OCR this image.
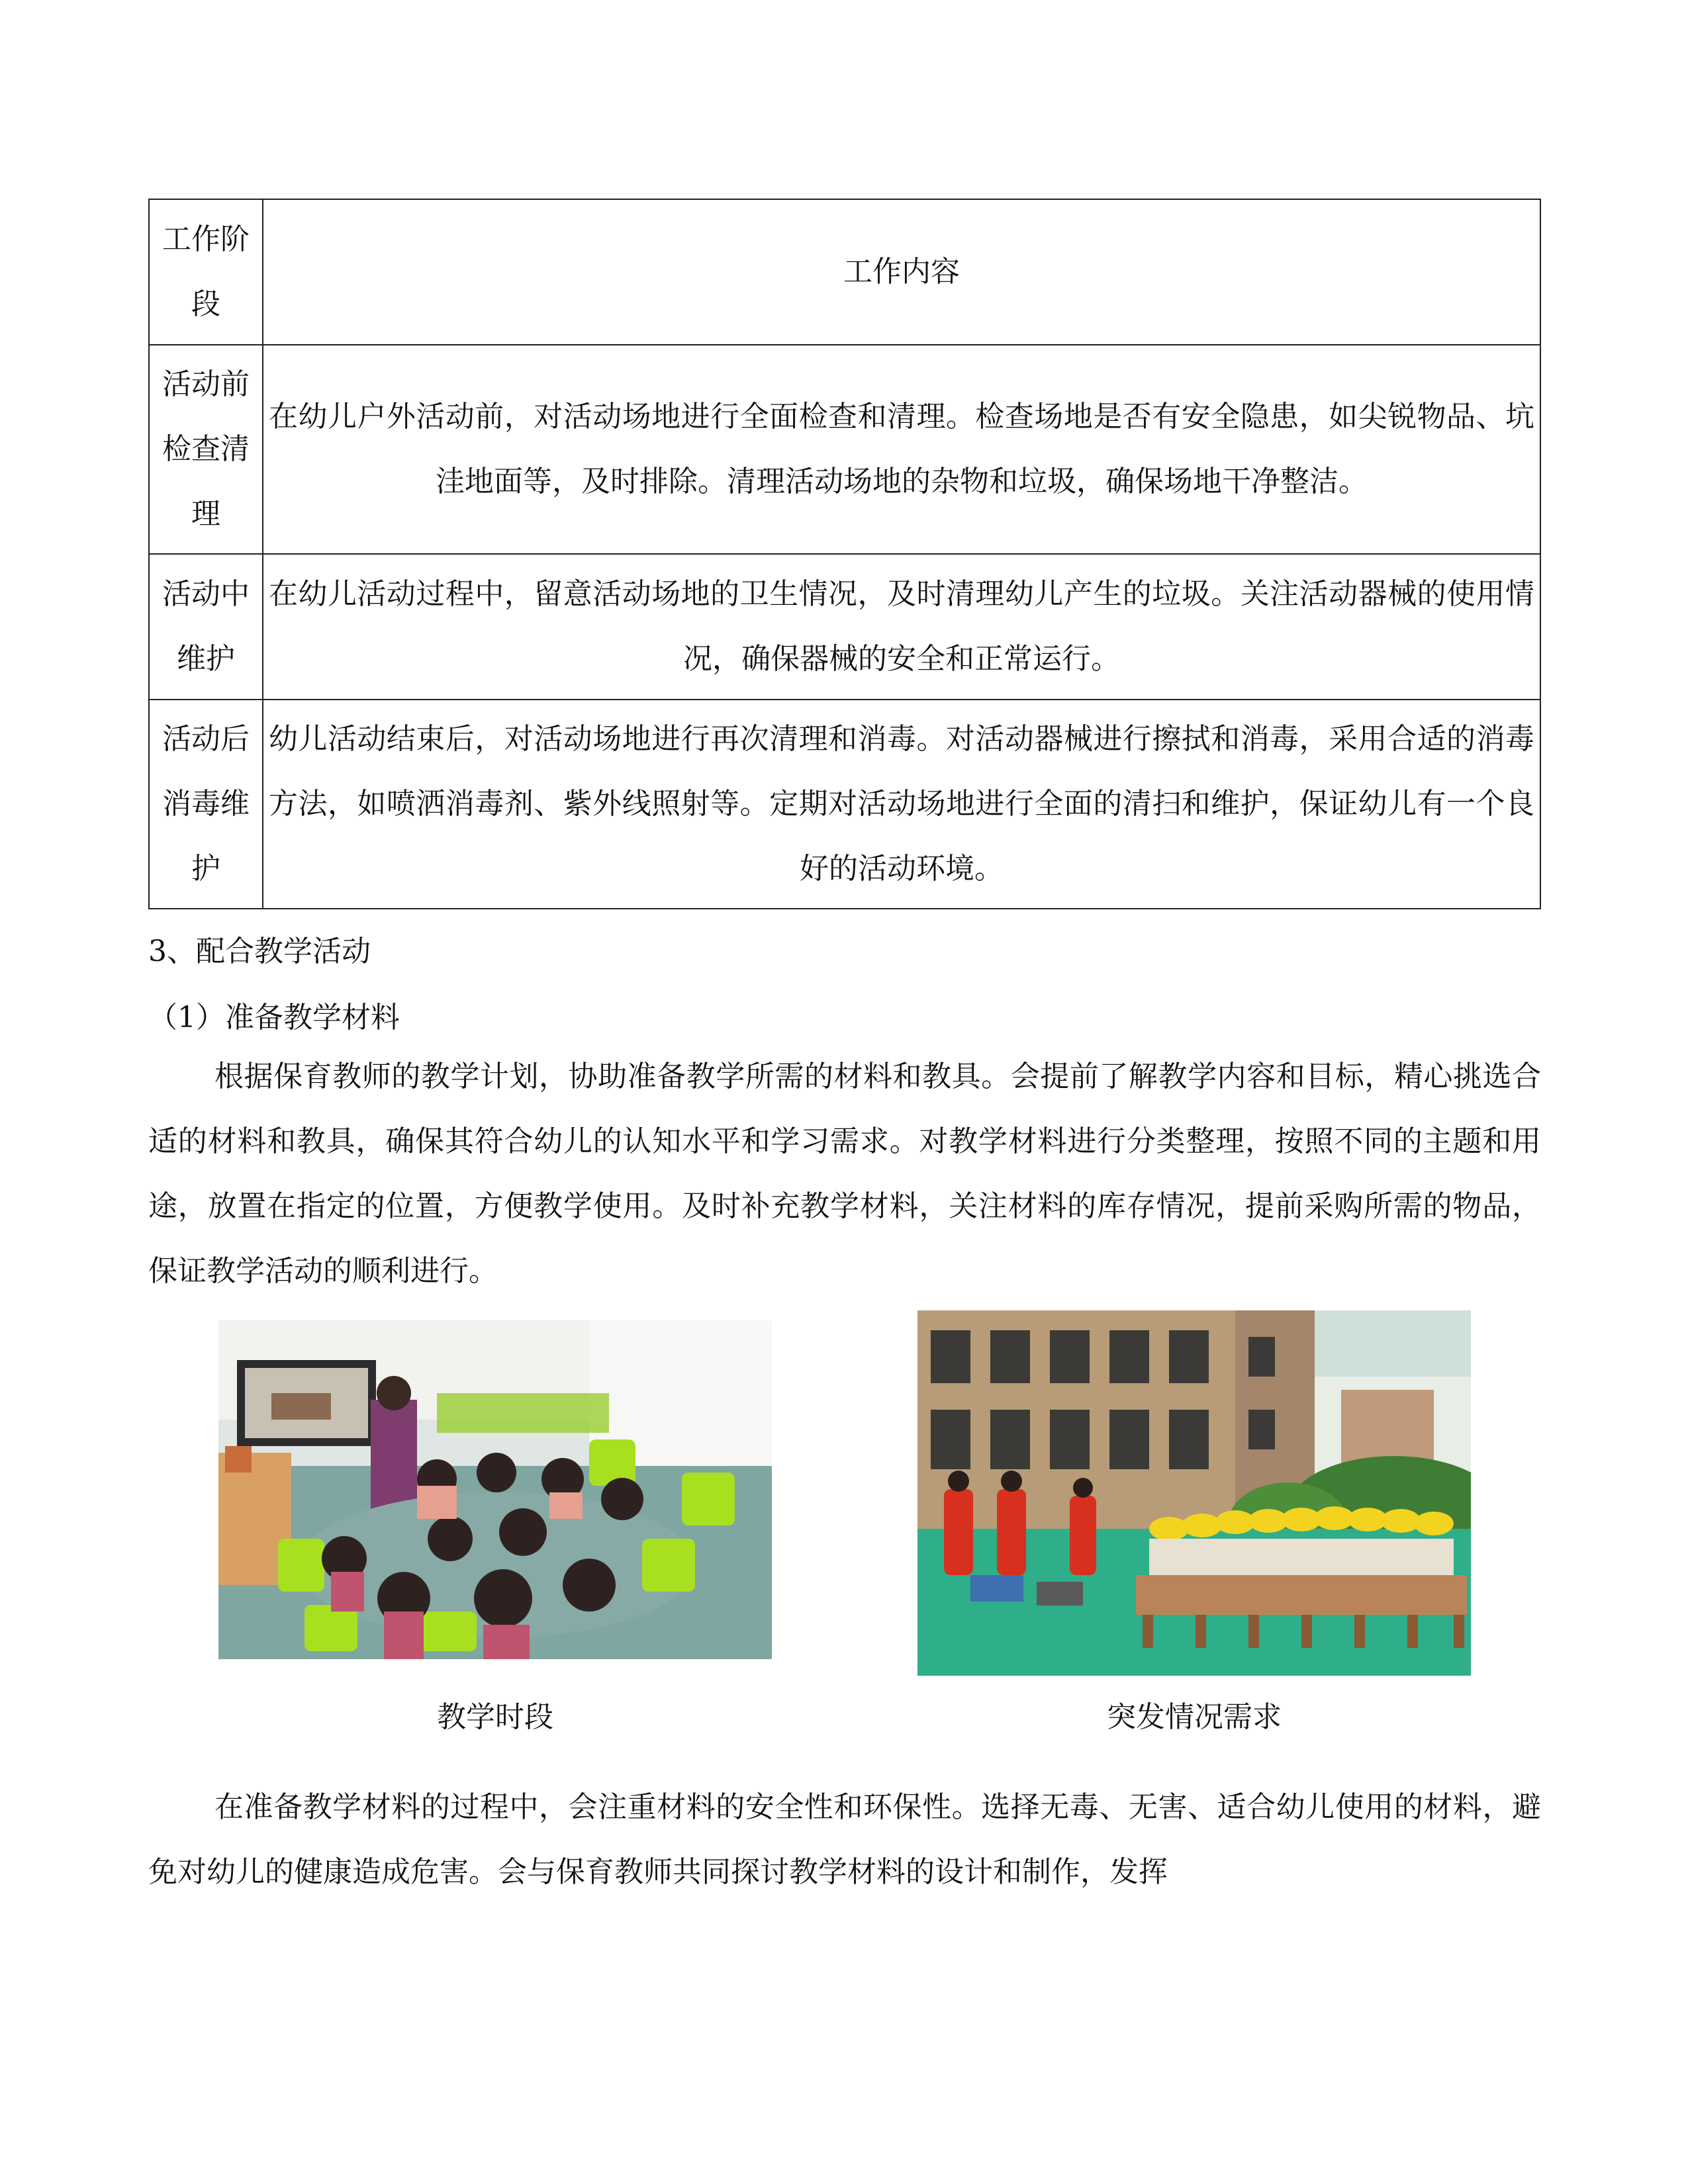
工作阶段	工作内容
活动前检查清理	在幼儿户外活动前，对活动场地进行全面检查和清理。检查场地是否有安全隐患，如尖锐物品、坑洼地面等，及时排除。清理活动场地的杂物和垃圾，确保场地干净整洁。
活动中维护	在幼儿活动过程中，留意活动场地的卫生情况，及时清理幼儿产生的垃圾。关注活动器械的使用情况，确保器械的安全和正常运行。
活动后消毒维护	幼儿活动结束后，对活动场地进行再次清理和消毒。对活动器械进行擦拭和消毒，采用合适的消毒方法，如喷洒消毒剂、紫外线照射等。定期对活动场地进行全面的清扫和维护，保证幼儿有一个良好的活动环境。
3、配合教学活动
（1）准备教学材料
根据保育教师的教学计划，协助准备教学所需的材料和教具。会提前了解教学内容和目标，精心挑选合适的材料和教具，确保其符合幼儿的认知水平和学习需求。对教学材料进行分类整理，按照不同的主题和用途，放置在指定的位置，方便教学使用。及时补充教学材料，关注材料的库存情况，提前采购所需的物品，保证教学活动的顺利进行。
教学时段	突发情况需求
在准备教学材料的过程中，会注重材料的安全性和环保性。选择无毒、无害、适合幼儿使用的材料，避免对幼儿的健康造成危害。会与保育教师共同探讨教学材料的设计和制作，发挥
